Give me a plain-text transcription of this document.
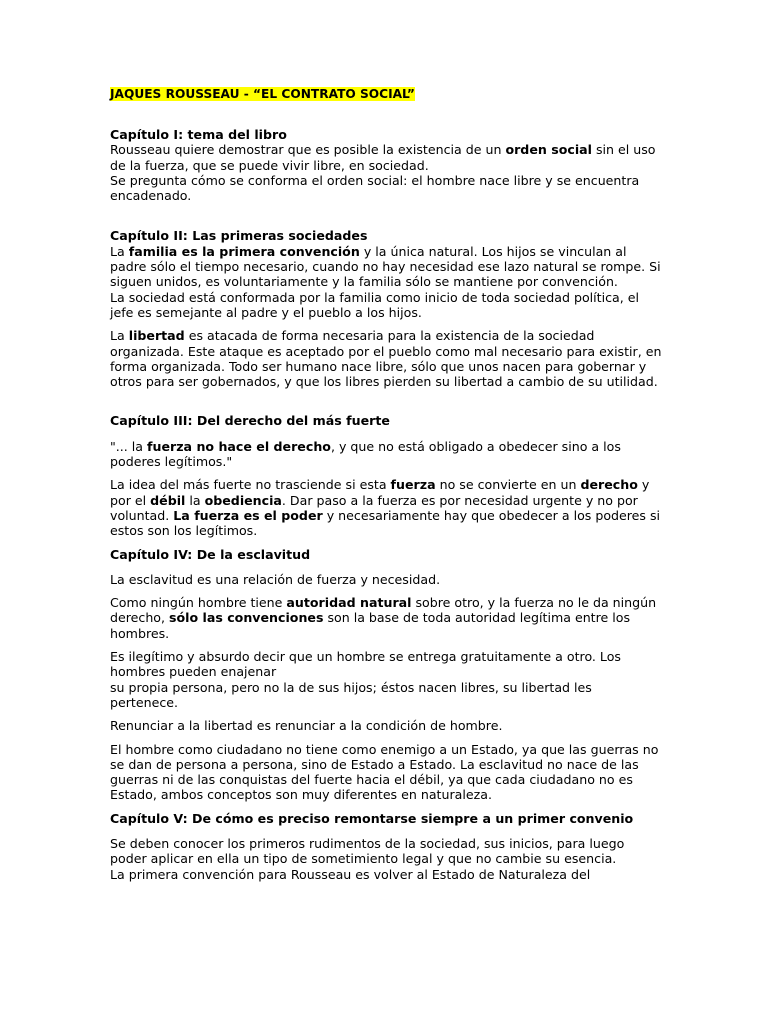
JAQUES ROUSSEAU - “EL CONTRATO SOCIAL”

Capítulo I: tema del libro

Rousseau quiere demostrar que es posible la existencia de un orden social sin el uso de la fuerza, que se puede vivir libre, en sociedad.

Se pregunta cómo se conforma el orden social: el hombre nace libre y se encuentra encadenado.

Capítulo II: Las primeras sociedades

La familia es la primera convención y la única natural. Los hijos se vinculan al padre sólo el tiempo necesario, cuando no hay necesidad ese lazo natural se rompe. Si siguen unidos, es voluntariamente y la familia sólo se mantiene por convención.

La sociedad está conformada por la familia como inicio de toda sociedad política, el jefe es semejante al padre y el pueblo a los hijos.

La libertad es atacada de forma necesaria para la existencia de la sociedad organizada. Este ataque es aceptado por el pueblo como mal necesario para existir, en forma organizada. Todo ser humano nace libre, sólo que unos nacen para gobernar y otros para ser gobernados, y que los libres pierden su libertad a cambio de su utilidad.

Capítulo III: Del derecho del más fuerte

"... la fuerza no hace el derecho, y que no está obligado a obedecer sino a los poderes legítimos."

La idea del más fuerte no trasciende si esta fuerza no se convierte en un derecho y por el débil la obediencia. Dar paso a la fuerza es por necesidad urgente y no por voluntad. La fuerza es el poder y necesariamente hay que obedecer a los poderes si estos son los legítimos.

Capítulo IV: De la esclavitud

La esclavitud es una relación de fuerza y necesidad.

Como ningún hombre tiene autoridad natural sobre otro, y la fuerza no le da ningún derecho, sólo las convenciones son la base de toda autoridad legítima entre los hombres.

Es ilegítimo y absurdo decir que un hombre se entrega gratuitamente a otro. Los hombres pueden enajenar

su propia persona, pero no la de sus hijos; éstos nacen libres, su libertad les pertenece.

Renunciar a la libertad es renunciar a la condición de hombre.

El hombre como ciudadano no tiene como enemigo a un Estado, ya que las guerras no se dan de persona a persona, sino de Estado a Estado. La esclavitud no nace de las guerras ni de las conquistas del fuerte hacia el débil, ya que cada ciudadano no es Estado, ambos conceptos son muy diferentes en naturaleza.

Capítulo V: De cómo es preciso remontarse siempre a un primer convenio

Se deben conocer los primeros rudimentos de la sociedad, sus inicios, para luego poder aplicar en ella un tipo de sometimiento legal y que no cambie su esencia.

La primera convención para Rousseau es volver al Estado de Naturaleza del
